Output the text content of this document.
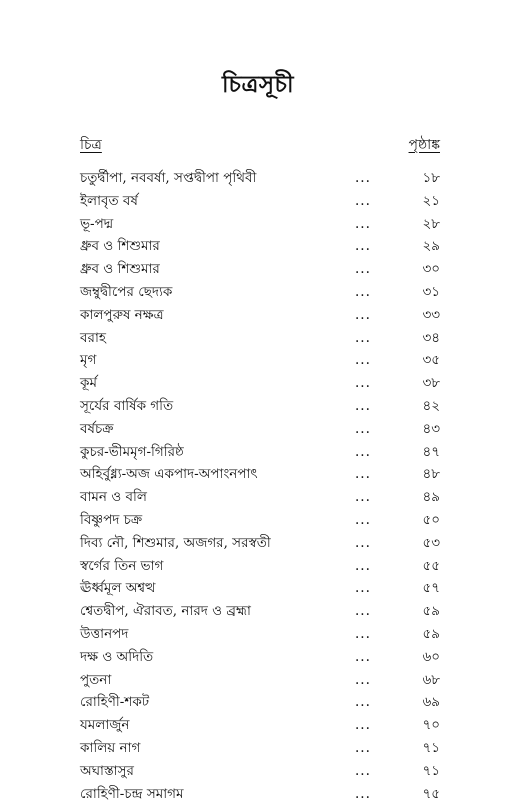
চিত্রসূচী
চিত্র	পৃষ্ঠাঙ্ক
চতুর্দ্বীপা, নববর্ষা, সপ্তদ্বীপা পৃথিবী	...	১৮
ইলাবৃত বর্ষ	...	২১
ভূ-পদ্ম	...	২৮
ধ্রুব ও শিশুমার	...	২৯
ধ্রুব ও শিশুমার	...	৩০
জম্বুদ্বীপের ছেদ্যক	...	৩১
কালপুরুষ নক্ষত্র	...	৩৩
বরাহ	...	৩৪
মৃগ	...	৩৫
কূর্ম	...	৩৮
সূর্যের বার্ষিক গতি	...	৪২
বর্ষচক্র	...	৪৩
কুচর-ভীমমৃগ-গিরিষ্ঠ	...	৪৭
অহির্বুধ্ন্য-অজ একপাদ-অপাংনপাৎ	...	৪৮
বামন ও বলি	...	৪৯
বিষ্ণুপদ চক্র	...	৫০
দিব্য নৌ, শিশুমার, অজগর, সরস্বতী	...	৫৩
স্বর্গের তিন ভাগ	...	৫৫
ঊর্ধ্বমূল অশ্বত্থ	...	৫৭
শ্বেতদ্বীপ, ঐরাবত, নারদ ও ব্রহ্মা	...	৫৯
উত্তানপদ	...	৫৯
দক্ষ ও অদিতি	...	৬০
পুতনা	...	৬৮
রোহিণী-শকট	...	৬৯
যমলার্জুন	...	৭০
কালিয় নাগ	...	৭১
অঘাস্তাসুর	...	৭১
রোহিণী-চন্দ্র সমাগম	...	৭৫
